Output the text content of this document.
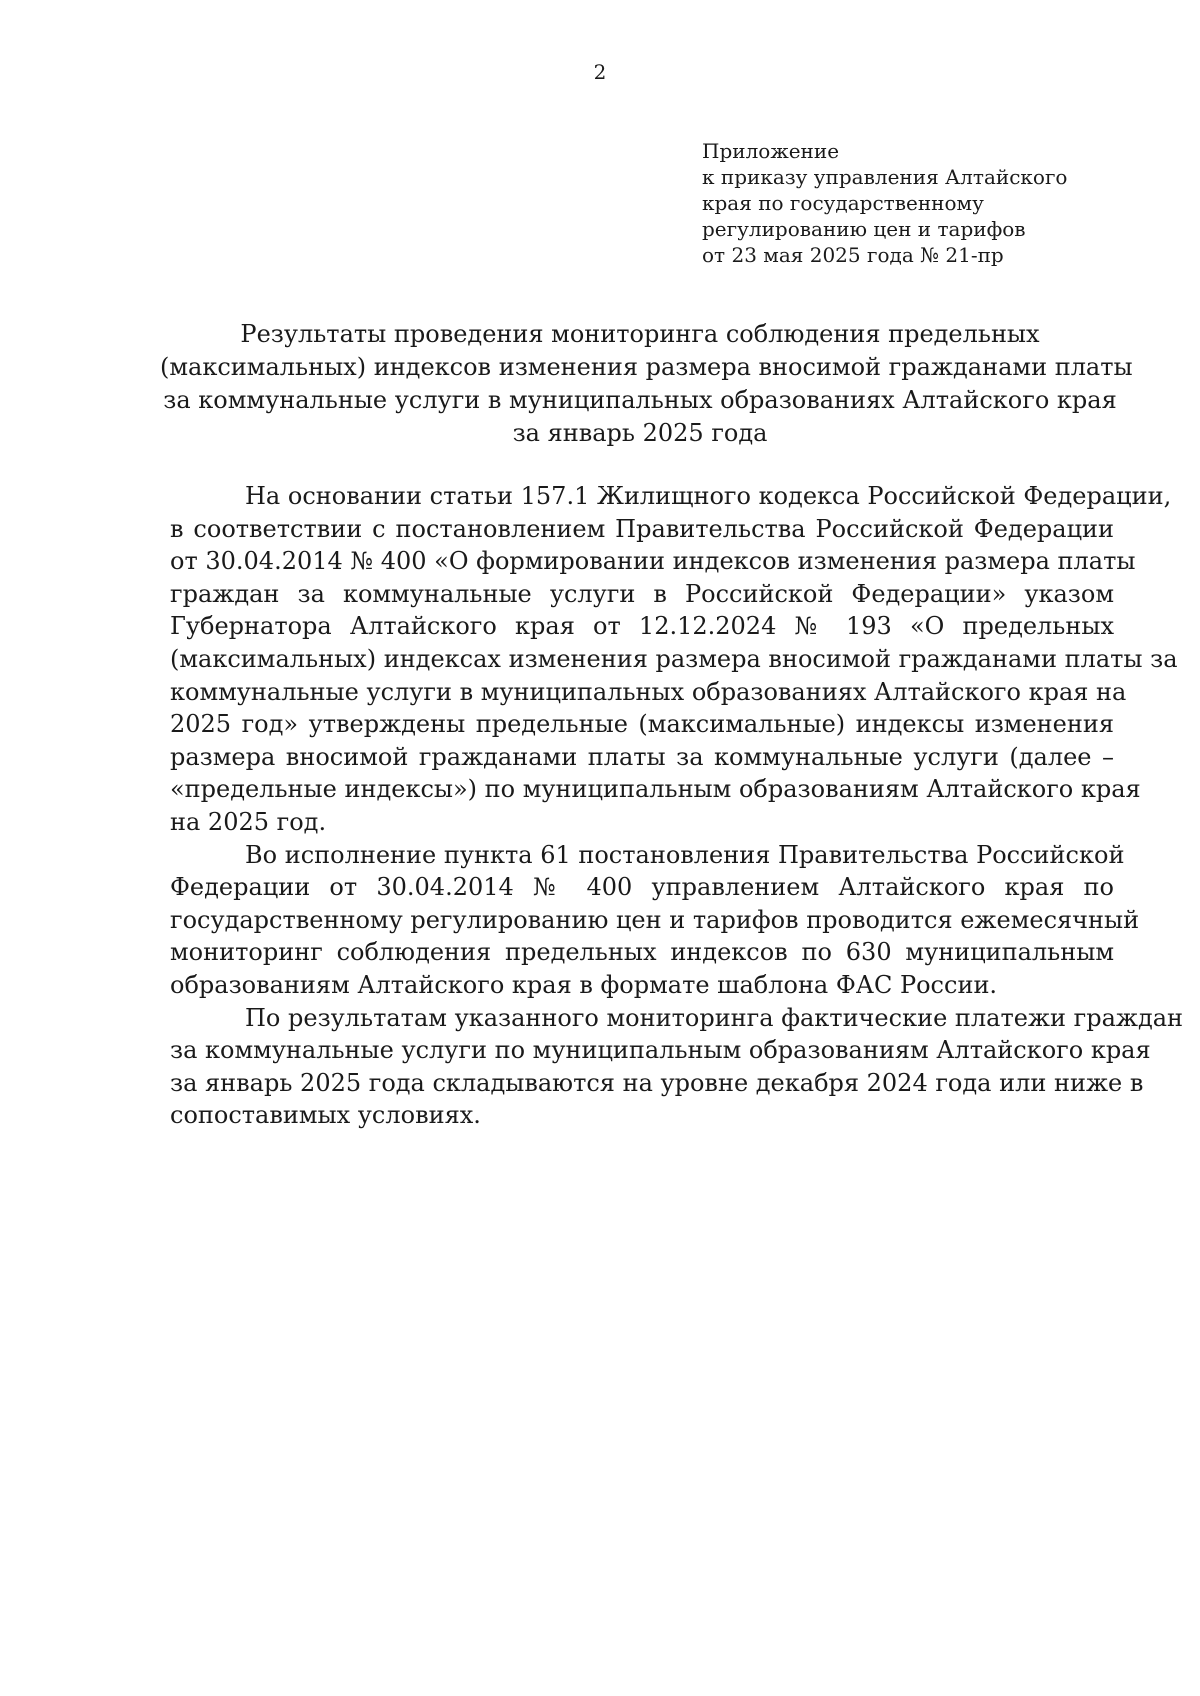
2
Приложение
к приказу управления Алтайского
края по государственному
регулированию цен и тарифов
от 23 мая 2025 года № 21-пр
Результаты проведения мониторинга соблюдения предельных
(максимальных) индексов изменения размера вносимой гражданами платы
за коммунальные услуги в муниципальных образованиях Алтайского края
за январь 2025 года

На основании статьи 157.1 Жилищного кодекса Российской Федерации,
в соответствии с постановлением Правительства Российской Федерации
от 30.04.2014 № 400 «О формировании индексов изменения размера платы
граждан за коммунальные услуги в Российской Федерации» указом
Губернатора Алтайского края от 12.12.2024 № 193 «О предельных
(максимальных) индексах изменения размера вносимой гражданами платы за
коммунальные услуги в муниципальных образованиях Алтайского края на
2025 год» утверждены предельные (максимальные) индексы изменения
размера вносимой гражданами платы за коммунальные услуги (далее –
«предельные индексы») по муниципальным образованиям Алтайского края
на 2025 год.

Во исполнение пункта 61 постановления Правительства Российской
Федерации от 30.04.2014 № 400 управлением Алтайского края по
государственному регулированию цен и тарифов проводится ежемесячный
мониторинг соблюдения предельных индексов по 630 муниципальным
образованиям Алтайского края в формате шаблона ФАС России.

По результатам указанного мониторинга фактические платежи граждан
за коммунальные услуги по муниципальным образованиям Алтайского края
за январь 2025 года складываются на уровне декабря 2024 года или ниже в
сопоставимых условиях.
